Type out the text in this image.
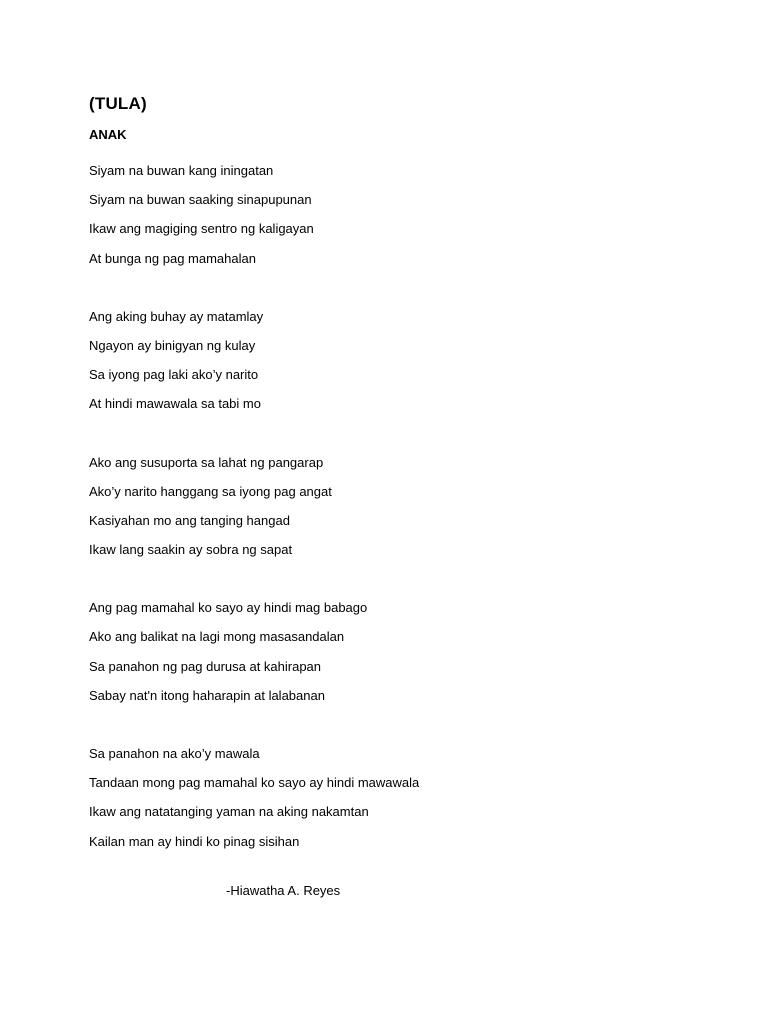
(TULA)

ANAK

Siyam na buwan kang iningatan
Siyam na buwan saaking sinapupunan
Ikaw ang magiging sentro ng kaligayan
At bunga ng pag mamahalan
Ang aking buhay ay matamlay
Ngayon ay binigyan ng kulay
Sa iyong pag laki ako’y narito
At hindi mawawala sa tabi mo
Ako ang susuporta sa lahat ng pangarap
Ako’y narito hanggang sa iyong pag angat
Kasiyahan mo ang tanging hangad
Ikaw lang saakin ay sobra ng sapat
Ang pag mamahal ko sayo ay hindi mag babago
Ako ang balikat na lagi mong masasandalan
Sa panahon ng pag durusa at kahirapan
Sabay nat'n itong haharapin at lalabanan
Sa panahon na ako’y mawala
Tandaan mong pag mamahal ko sayo ay hindi mawawala
Ikaw ang natatanging yaman na aking nakamtan
Kailan man ay hindi ko pinag sisihan

-Hiawatha A. Reyes
